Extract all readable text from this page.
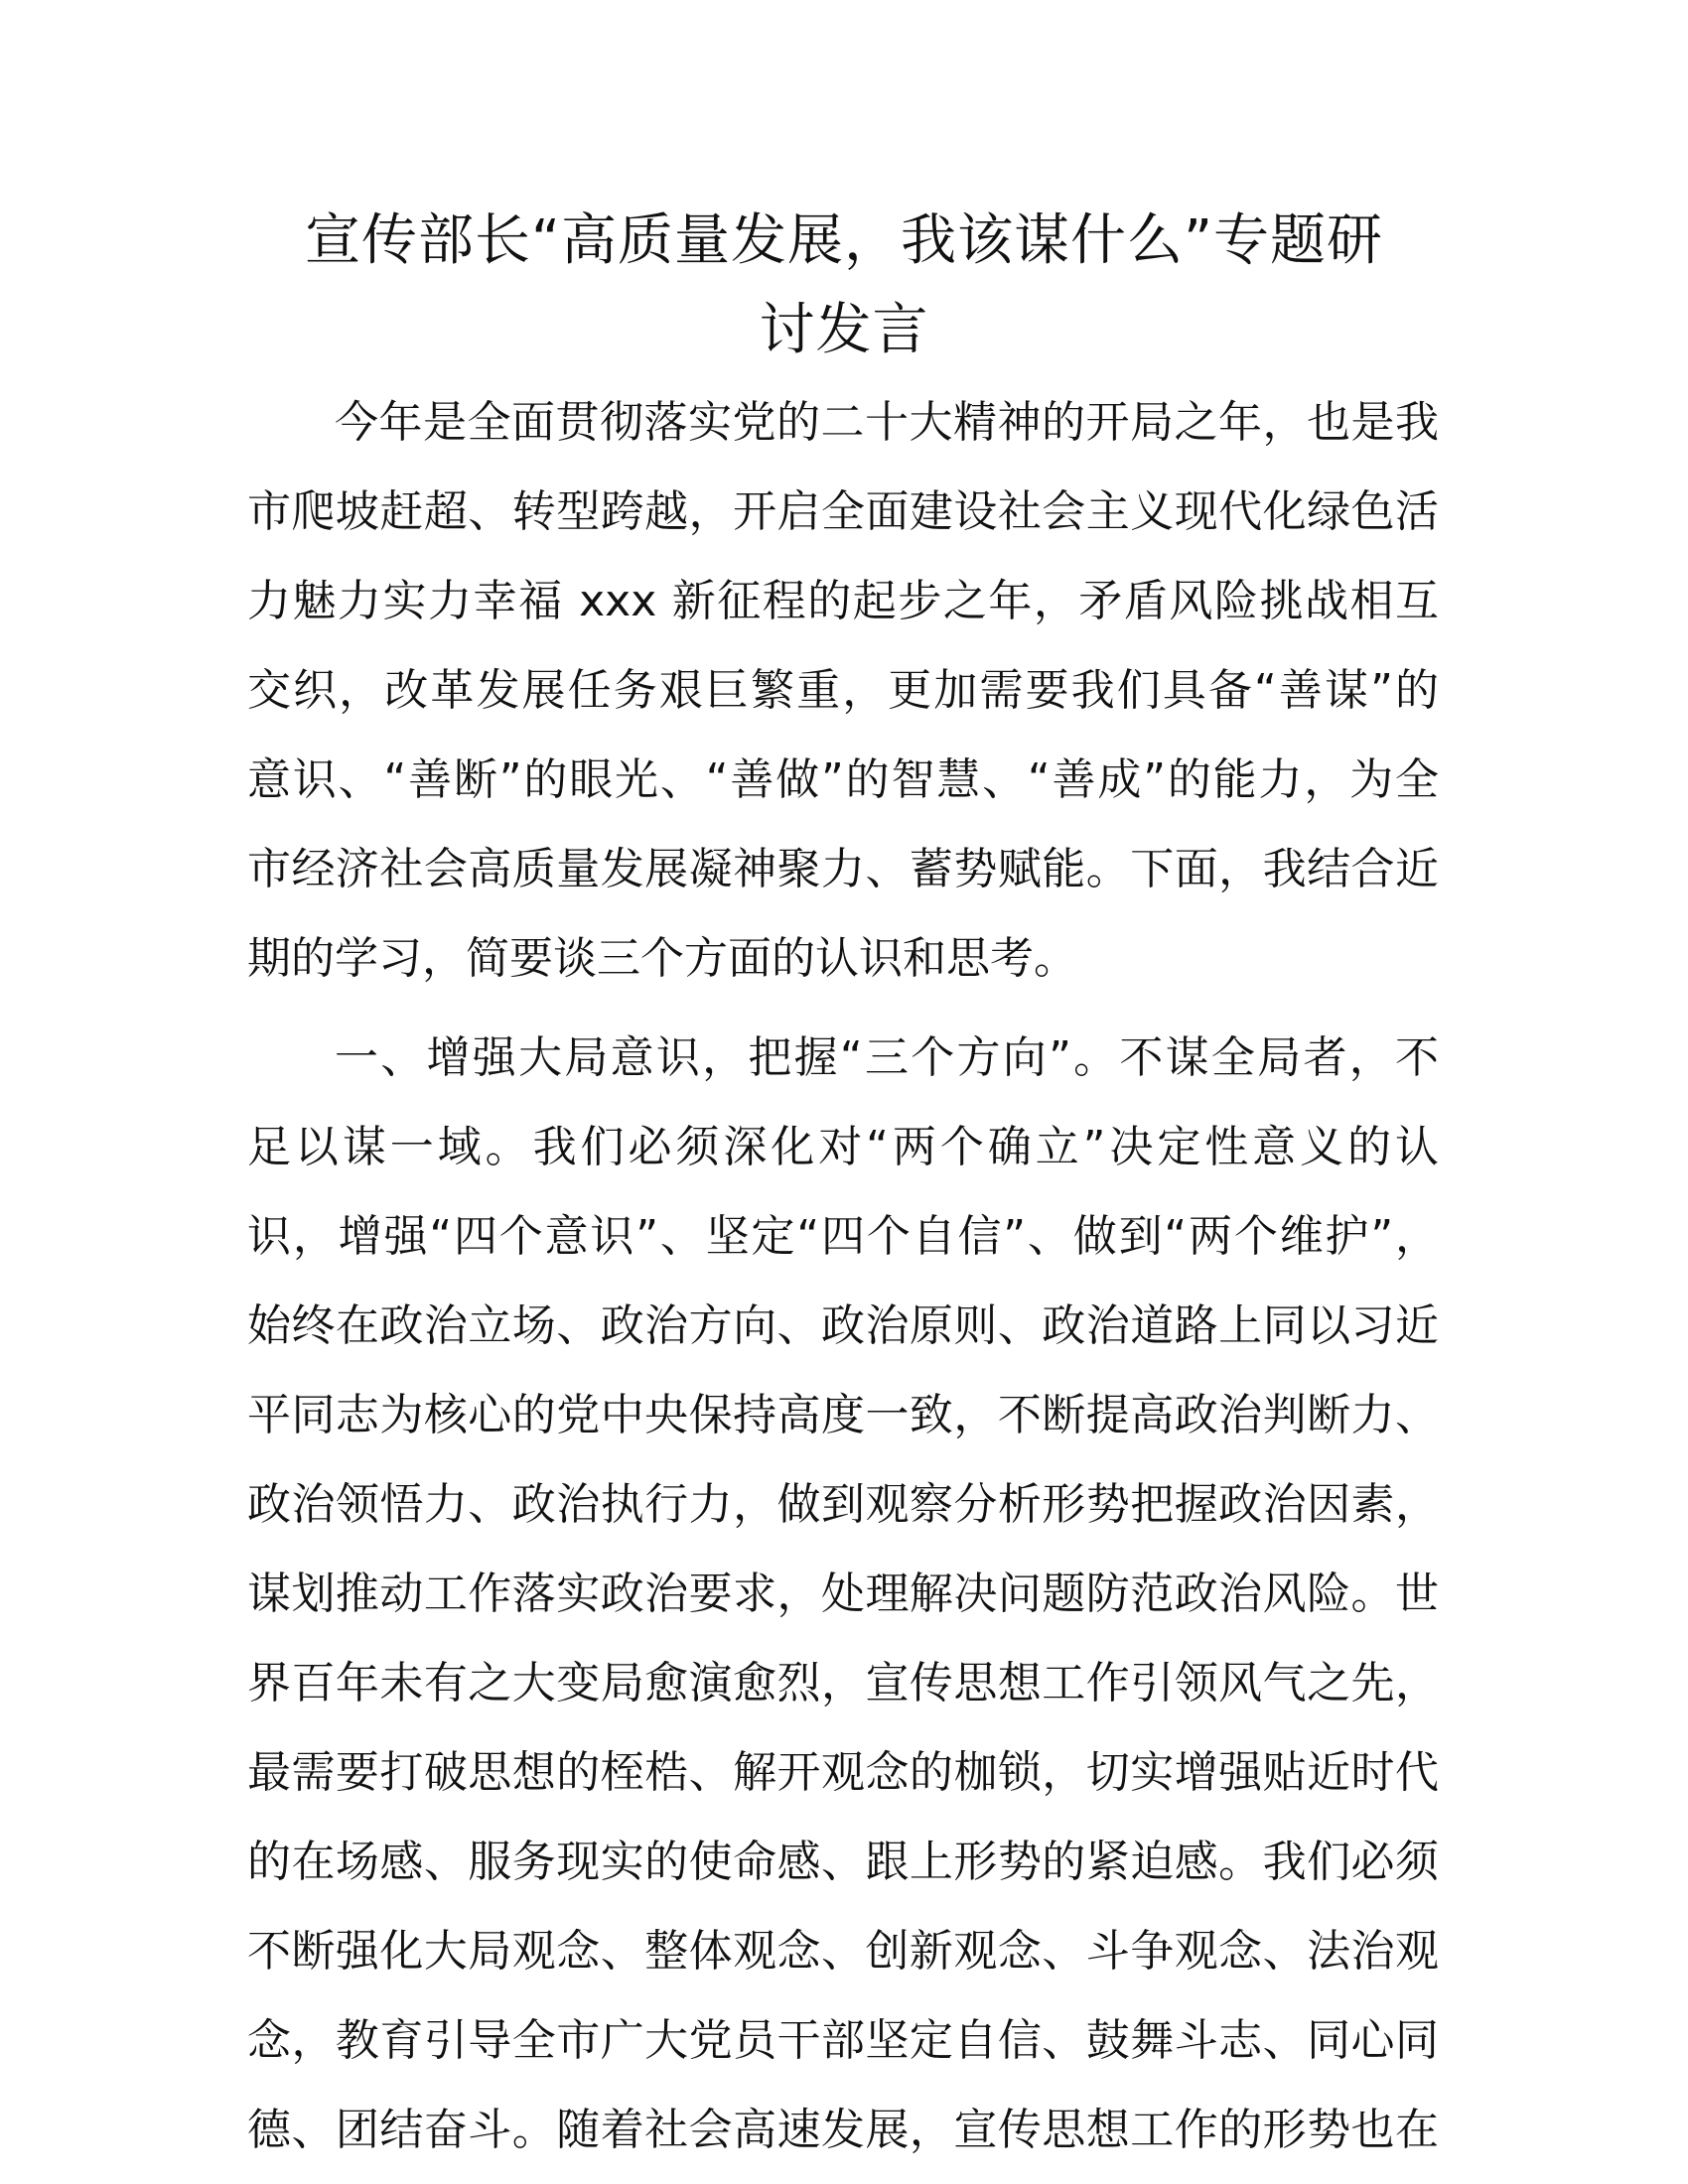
宣传部长“高质量发展，我该谋什么”专题研
讨发言
今年是全面贯彻落实党的二十大精神的开局之年，也是我
市爬坡赶超、转型跨越，开启全面建设社会主义现代化绿色活
力魅力实力幸福 xxx 新征程的起步之年，矛盾风险挑战相互
交织，改革发展任务艰巨繁重，更加需要我们具备“善谋”的
意识、“善断”的眼光、“善做”的智慧、“善成”的能力，为全
市经济社会高质量发展凝神聚力、蓄势赋能。下面，我结合近
期的学习，简要谈三个方面的认识和思考。
一、增强大局意识，把握“三个方向”。不谋全局者，不
足以谋一域。我们必须深化对“两个确立”决定性意义的认
识，增强“四个意识”、坚定“四个自信”、做到“两个维护”，
始终在政治立场、政治方向、政治原则、政治道路上同以习近
平同志为核心的党中央保持高度一致，不断提高政治判断力、
政治领悟力、政治执行力，做到观察分析形势把握政治因素，
谋划推动工作落实政治要求，处理解决问题防范政治风险。世
界百年未有之大变局愈演愈烈，宣传思想工作引领风气之先，
最需要打破思想的桎梏、解开观念的枷锁，切实增强贴近时代
的在场感、服务现实的使命感、跟上形势的紧迫感。我们必须
不断强化大局观念、整体观念、创新观念、斗争观念、法治观
念，教育引导全市广大党员干部坚定自信、鼓舞斗志、同心同
德、团结奋斗。随着社会高速发展，宣传思想工作的形势也在
